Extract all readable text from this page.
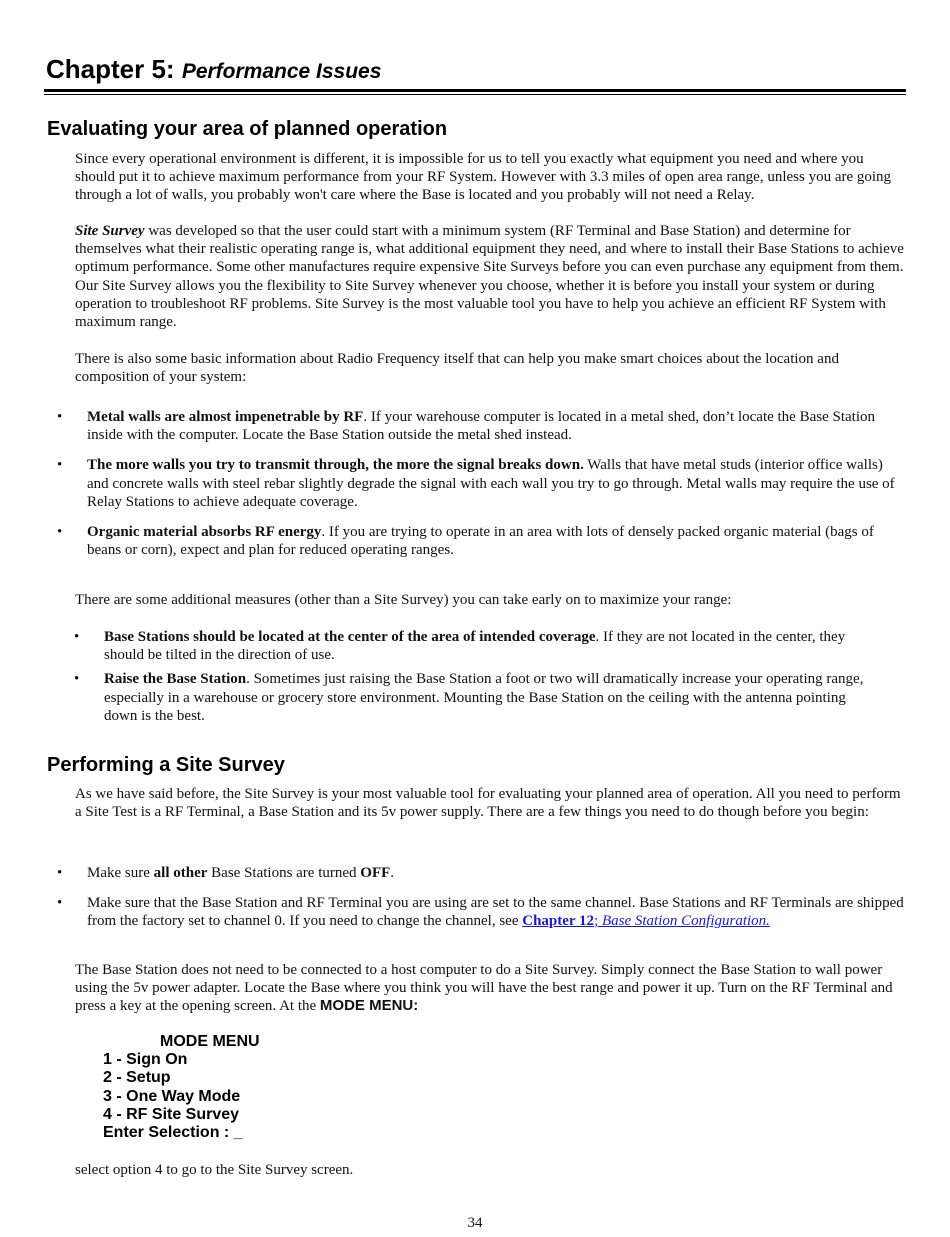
Chapter 5: Performance Issues
Evaluating your area of planned operation

Since every operational environment is different, it is impossible for us to tell you exactly what equipment you need and where you should put it to achieve maximum performance from your RF System. However with 3.3 miles of open area range, unless you are going through a lot of walls, you probably won't care where the Base is located and you probably will not need a Relay.

Site Survey was developed so that the user could start with a minimum system (RF Terminal and Base Station) and determine for themselves what their realistic operating range is, what additional equipment they need, and where to install their Base Stations to achieve optimum performance. Some other manufactures require expensive Site Surveys before you can even purchase any equipment from them. Our Site Survey allows you the flexibility to Site Survey whenever you choose, whether it is before you install your system or during operation to troubleshoot RF problems. Site Survey is the most valuable tool you have to help you achieve an efficient RF System with maximum range.

There is also some basic information about Radio Frequency itself that can help you make smart choices about the location and composition of your system:

• Metal walls are almost impenetrable by RF. If your warehouse computer is located in a metal shed, don’t locate the Base Station inside with the computer. Locate the Base Station outside the metal shed instead.
• The more walls you try to transmit through, the more the signal breaks down. Walls that have metal studs (interior office walls) and concrete walls with steel rebar slightly degrade the signal with each wall you try to go through. Metal walls may require the use of Relay Stations to achieve adequate coverage.
• Organic material absorbs RF energy. If you are trying to operate in an area with lots of densely packed organic material (bags of beans or corn), expect and plan for reduced operating ranges.

There are some additional measures (other than a Site Survey) you can take early on to maximize your range:

• Base Stations should be located at the center of the area of intended coverage. If they are not located in the center, they should be tilted in the direction of use.
• Raise the Base Station. Sometimes just raising the Base Station a foot or two will dramatically increase your operating range, especially in a warehouse or grocery store environment. Mounting the Base Station on the ceiling with the antenna pointing down is the best.
Performing a Site Survey

As we have said before, the Site Survey is your most valuable tool for evaluating your planned area of operation. All you need to perform a Site Test is a RF Terminal, a Base Station and its 5v power supply. There are a few things you need to do though before you begin:

• Make sure all other Base Stations are turned OFF.
• Make sure that the Base Station and RF Terminal you are using are set to the same channel. Base Stations and RF Terminals are shipped from the factory set to channel 0. If you need to change the channel, see Chapter 12; Base Station Configuration.

The Base Station does not need to be connected to a host computer to do a Site Survey. Simply connect the Base Station to wall power using the 5v power adapter. Locate the Base where you think you will have the best range and power it up. Turn on the RF Terminal and press a key at the opening screen. At the MODE MENU:

MODE MENU
1 - Sign On
2 - Setup
3 - One Way Mode
4 - RF Site Survey
Enter Selection : _

select option 4 to go to the Site Survey screen.

34
